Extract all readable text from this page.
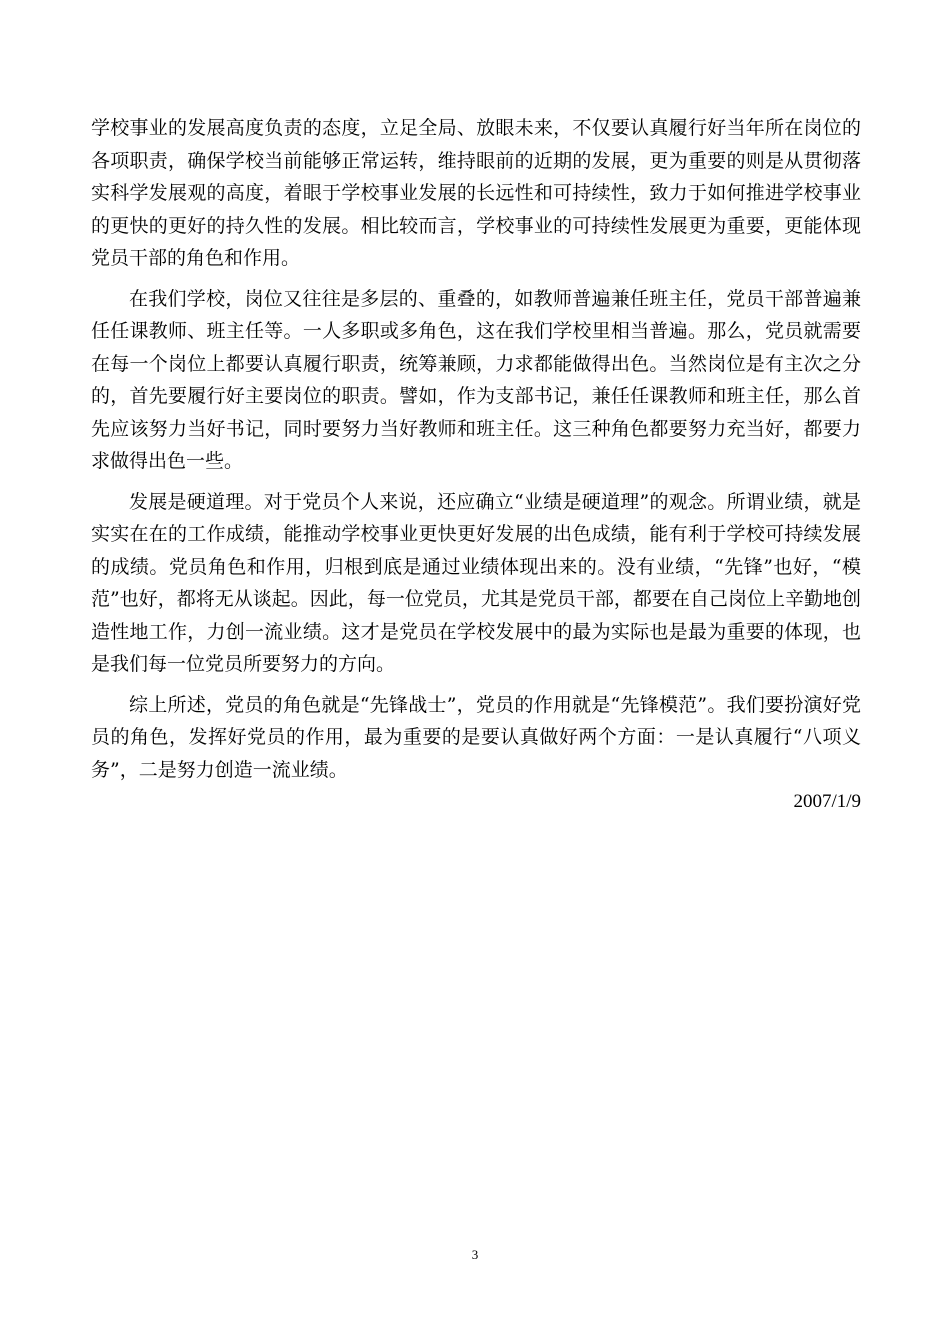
学校事业的发展高度负责的态度，立足全局、放眼未来，不仅要认真履行好当年所在岗位的各项职责，确保学校当前能够正常运转，维持眼前的近期的发展，更为重要的则是从贯彻落实科学发展观的高度，着眼于学校事业发展的长远性和可持续性，致力于如何推进学校事业的更快的更好的持久性的发展。相比较而言，学校事业的可持续性发展更为重要，更能体现党员干部的角色和作用。

在我们学校，岗位又往往是多层的、重叠的，如教师普遍兼任班主任，党员干部普遍兼任任课教师、班主任等。一人多职或多角色，这在我们学校里相当普遍。那么，党员就需要在每一个岗位上都要认真履行职责，统筹兼顾，力求都能做得出色。当然岗位是有主次之分的，首先要履行好主要岗位的职责。譬如，作为支部书记，兼任任课教师和班主任，那么首先应该努力当好书记，同时要努力当好教师和班主任。这三种角色都要努力充当好，都要力求做得出色一些。

发展是硬道理。对于党员个人来说，还应确立“业绩是硬道理”的观念。所谓业绩，就是实实在在的工作成绩，能推动学校事业更快更好发展的出色成绩，能有利于学校可持续发展的成绩。党员角色和作用，归根到底是通过业绩体现出来的。没有业绩，“先锋”也好，“模范”也好，都将无从谈起。因此，每一位党员，尤其是党员干部，都要在自己岗位上辛勤地创造性地工作，力创一流业绩。这才是党员在学校发展中的最为实际也是最为重要的体现，也是我们每一位党员所要努力的方向。

综上所述，党员的角色就是“先锋战士”，党员的作用就是“先锋模范”。我们要扮演好党员的角色，发挥好党员的作用，最为重要的是要认真做好两个方面：一是认真履行“八项义务”，二是努力创造一流业绩。

2007/1/9

3
